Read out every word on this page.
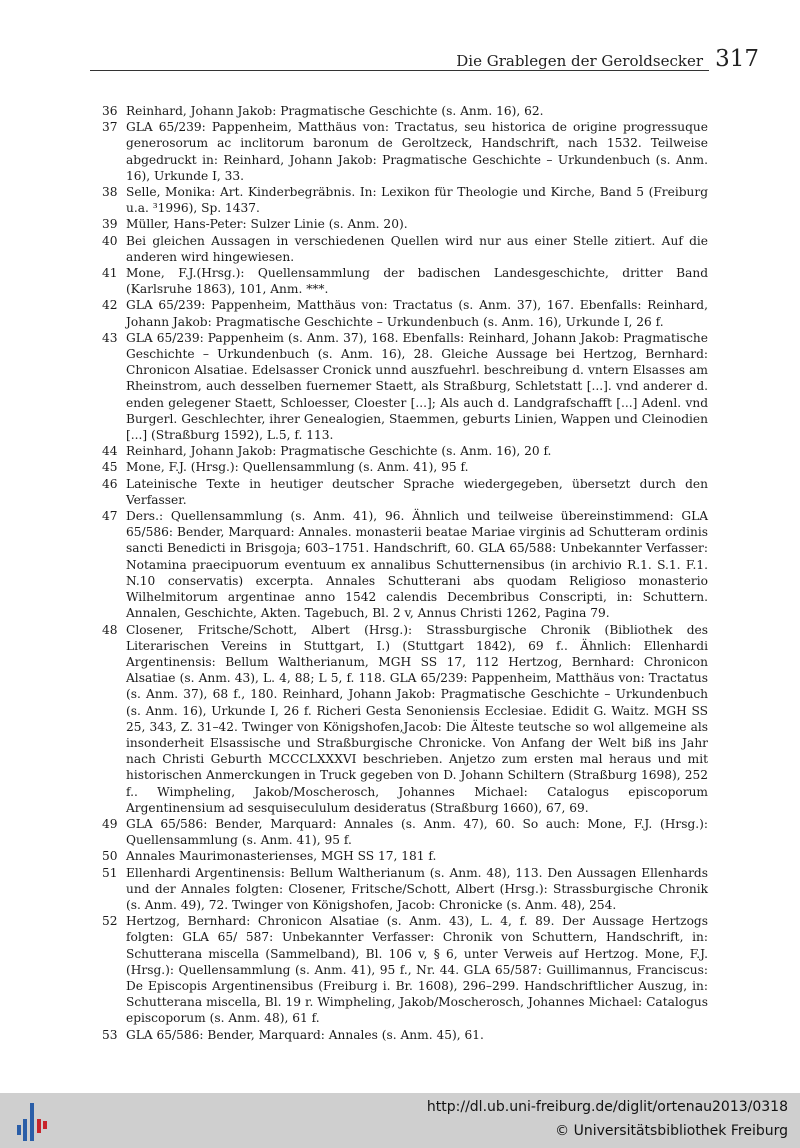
Die Grablegen der Geroldsecker 317
36 Reinhard, Johann Jakob: Pragmatische Geschichte (s. Anm. 16), 62.
37 GLA 65/239: Pappenheim, Matthäus von: Tractatus, seu historica de origine progressuque generosorum ac inclitorum baronum de Geroltzeck, Handschrift, nach 1532. Teilweise abgedruckt in: Reinhard, Johann Jakob: Pragmatische Geschichte – Urkundenbuch (s. Anm. 16), Urkunde I, 33.
38 Selle, Monika: Art. Kinderbegräbnis. In: Lexikon für Theologie und Kirche, Band 5 (Freiburg u.a. ³1996), Sp. 1437.
39 Müller, Hans-Peter: Sulzer Linie (s. Anm. 20).
40 Bei gleichen Aussagen in verschiedenen Quellen wird nur aus einer Stelle zitiert. Auf die anderen wird hingewiesen.
41 Mone, F.J.(Hrsg.): Quellensammlung der badischen Landesgeschichte, dritter Band (Karlsruhe 1863), 101, Anm. ***.
42 GLA 65/239: Pappenheim, Matthäus von: Tractatus (s. Anm. 37), 167. Ebenfalls: Reinhard, Johann Jakob: Pragmatische Geschichte – Urkundenbuch (s. Anm. 16), Urkunde I, 26 f.
43 GLA 65/239: Pappenheim (s. Anm. 37), 168. Ebenfalls: Reinhard, Johann Jakob: Pragmatische Geschichte – Urkundenbuch (s. Anm. 16), 28. Gleiche Aussage bei Hertzog, Bernhard: Chronicon Alsatiae. Edelsasser Cronick unnd auszfuehrl. beschreibung d. vntern Elsasses am Rheinstrom, auch desselben fuernemer Staett, als Straßburg, Schletstatt [...]. vnd anderer d. enden gelegener Staett, Schloesser, Cloester [...]; Als auch d. Landgrafschafft [...] Adenl. vnd Burgerl. Geschlechter, ihrer Genealogien, Staemmen, geburts Linien, Wappen und Cleinodien [...] (Straßburg 1592), L.5, f. 113.
44 Reinhard, Johann Jakob: Pragmatische Geschichte (s. Anm. 16), 20 f.
45 Mone, F.J. (Hrsg.): Quellensammlung (s. Anm. 41), 95 f.
46 Lateinische Texte in heutiger deutscher Sprache wiedergegeben, übersetzt durch den Verfasser.
47 Ders.: Quellensammlung (s. Anm. 41), 96. Ähnlich und teilweise übereinstimmend: GLA 65/586: Bender, Marquard: Annales. monasterii beatae Mariae virginis ad Schutteram ordinis sancti Benedicti in Brisgoja; 603–1751. Handschrift, 60. GLA 65/588: Unbekannter Verfasser: Notamina praecipuorum eventuum ex annalibus Schutternensibus (in archivio R.1. S.1. F.1. N.10 conservatis) excerpta. Annales Schutterani abs quodam Religioso monasterio Wilhelmitorum argentinae anno 1542 calendis Decembribus Conscripti, in: Schuttern. Annalen, Geschichte, Akten. Tagebuch, Bl. 2 v, Annus Christi 1262, Pagina 79.
48 Closener, Fritsche/Schott, Albert (Hrsg.): Strassburgische Chronik (Bibliothek des Literarischen Vereins in Stuttgart, I.) (Stuttgart 1842), 69 f.. Ähnlich: Ellenhardi Argentinensis: Bellum Waltherianum, MGH SS 17, 112 Hertzog, Bernhard: Chronicon Alsatiae (s. Anm. 43), L. 4, 88; L 5, f. 118. GLA 65/239: Pappenheim, Matthäus von: Tractatus (s. Anm. 37), 68 f., 180. Reinhard, Johann Jakob: Pragmatische Geschichte – Urkundenbuch (s. Anm. 16), Urkunde I, 26 f. Richeri Gesta Senoniensis Ecclesiae. Edidit G. Waitz. MGH SS 25, 343, Z. 31–42. Twinger von Königshofen,Jacob: Die Älteste teutsche so wol allgemeine als insonderheit Elsassische und Straßburgische Chronicke. Von Anfang der Welt biß ins Jahr nach Christi Geburth MCCCLXXXVI beschrieben. Anjetzo zum ersten mal heraus und mit historischen Anmerckungen in Truck gegeben von D. Johann Schiltern (Straßburg 1698), 252 f.. Wimpheling, Jakob/Moscherosch, Johannes Michael: Catalogus episcoporum Argentinensium ad sesquisecululum desideratus (Straßburg 1660), 67, 69.
49 GLA 65/586: Bender, Marquard: Annales (s. Anm. 47), 60. So auch: Mone, F.J. (Hrsg.): Quellensammlung (s. Anm. 41), 95 f.
50 Annales Maurimonasterienses, MGH SS 17, 181 f.
51 Ellenhardi Argentinensis: Bellum Waltherianum (s. Anm. 48), 113. Den Aussagen Ellenhards und der Annales folgten: Closener, Fritsche/Schott, Albert (Hrsg.): Strassburgische Chronik (s. Anm. 49), 72. Twinger von Königshofen, Jacob: Chronicke (s. Anm. 48), 254.
52 Hertzog, Bernhard: Chronicon Alsatiae (s. Anm. 43), L. 4, f. 89. Der Aussage Hertzogs folgten: GLA 65/ 587: Unbekannter Verfasser: Chronik von Schuttern, Handschrift, in: Schutterana miscella (Sammelband), Bl. 106 v, § 6, unter Verweis auf Hertzog. Mone, F.J. (Hrsg.): Quellensammlung (s. Anm. 41), 95 f., Nr. 44. GLA 65/587: Guillimannus, Franciscus: De Episcopis Argentinensibus (Freiburg i. Br. 1608), 296–299. Handschriftlicher Auszug, in: Schutterana miscella, Bl. 19 r. Wimpheling, Jakob/Moscherosch, Johannes Michael: Catalogus episcoporum (s. Anm. 48), 61 f.
53 GLA 65/586: Bender, Marquard: Annales (s. Anm. 45), 61.
http://dl.ub.uni-freiburg.de/diglit/ortenau2013/0318
© Universitätsbibliothek Freiburg
